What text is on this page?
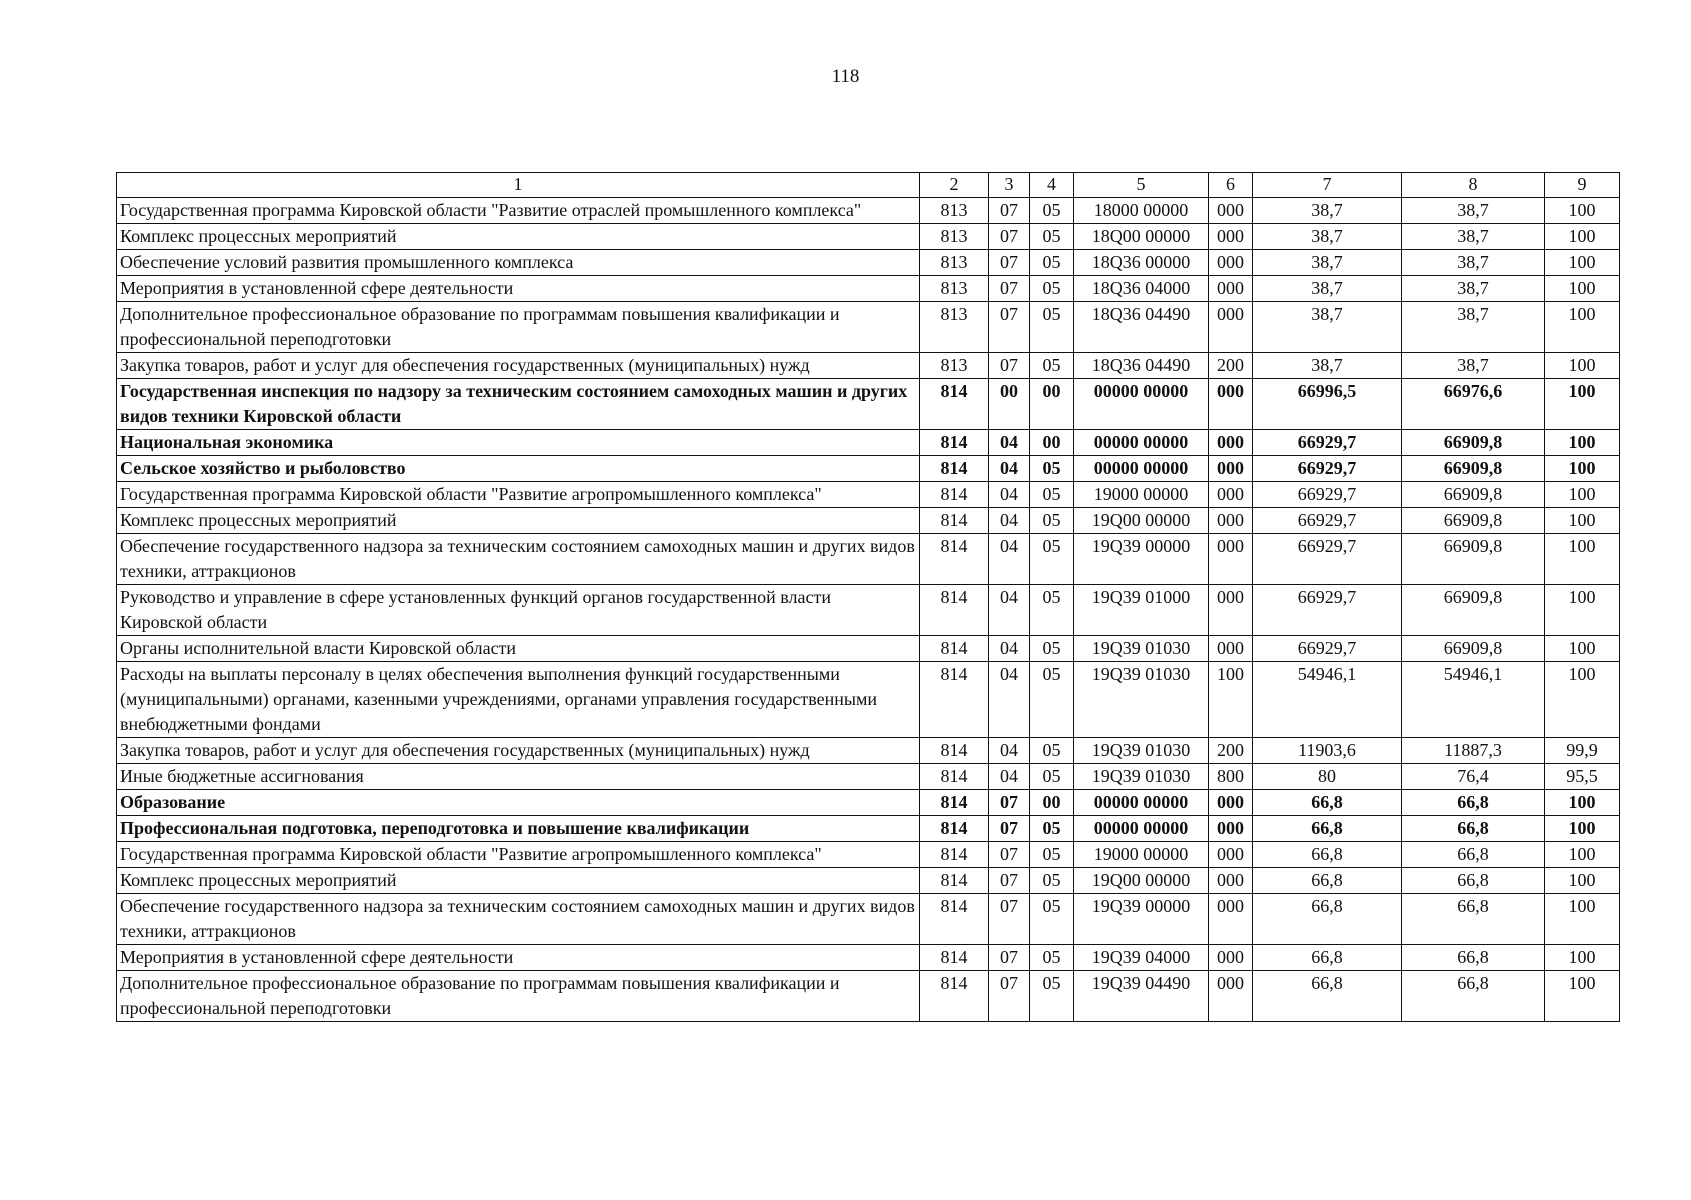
118
1	2	3	4	5	6	7	8	9
Государственная программа Кировской области "Развитие отраслей промышленного комплекса"	813	07	05	18000 00000	000	38,7	38,7	100
Комплекс процессных мероприятий	813	07	05	18Q00 00000	000	38,7	38,7	100
Обеспечение условий развития промышленного комплекса	813	07	05	18Q36 00000	000	38,7	38,7	100
Мероприятия в установленной сфере деятельности	813	07	05	18Q36 04000	000	38,7	38,7	100
Дополнительное профессиональное образование по программам повышения квалификации и профессиональной переподготовки	813	07	05	18Q36 04490	000	38,7	38,7	100
Закупка товаров, работ и услуг для обеспечения государственных (муниципальных) нужд	813	07	05	18Q36 04490	200	38,7	38,7	100
Государственная инспекция по надзору за техническим состоянием самоходных машин и других видов техники Кировской области	814	00	00	00000 00000	000	66996,5	66976,6	100
Национальная экономика	814	04	00	00000 00000	000	66929,7	66909,8	100
Сельское хозяйство и рыболовство	814	04	05	00000 00000	000	66929,7	66909,8	100
Государственная программа Кировской области "Развитие агропромышленного комплекса"	814	04	05	19000 00000	000	66929,7	66909,8	100
Комплекс процессных мероприятий	814	04	05	19Q00 00000	000	66929,7	66909,8	100
Обеспечение государственного надзора за техническим состоянием самоходных машин и других видов техники, аттракционов	814	04	05	19Q39 00000	000	66929,7	66909,8	100
Руководство и управление в сфере установленных функций органов государственной власти Кировской области	814	04	05	19Q39 01000	000	66929,7	66909,8	100
Органы исполнительной власти Кировской области	814	04	05	19Q39 01030	000	66929,7	66909,8	100
Расходы на выплаты персоналу в целях обеспечения выполнения функций государственными (муниципальными) органами, казенными учреждениями, органами управления государственными внебюджетными фондами	814	04	05	19Q39 01030	100	54946,1	54946,1	100
Закупка товаров, работ и услуг для обеспечения государственных (муниципальных) нужд	814	04	05	19Q39 01030	200	11903,6	11887,3	99,9
Иные бюджетные ассигнования	814	04	05	19Q39 01030	800	80	76,4	95,5
Образование	814	07	00	00000 00000	000	66,8	66,8	100
Профессиональная подготовка, переподготовка и повышение квалификации	814	07	05	00000 00000	000	66,8	66,8	100
Государственная программа Кировской области "Развитие агропромышленного комплекса"	814	07	05	19000 00000	000	66,8	66,8	100
Комплекс процессных мероприятий	814	07	05	19Q00 00000	000	66,8	66,8	100
Обеспечение государственного надзора за техническим состоянием самоходных машин и других видов техники, аттракционов	814	07	05	19Q39 00000	000	66,8	66,8	100
Мероприятия в установленной сфере деятельности	814	07	05	19Q39 04000	000	66,8	66,8	100
Дополнительное профессиональное образование по программам повышения квалификации и профессиональной переподготовки	814	07	05	19Q39 04490	000	66,8	66,8	100
